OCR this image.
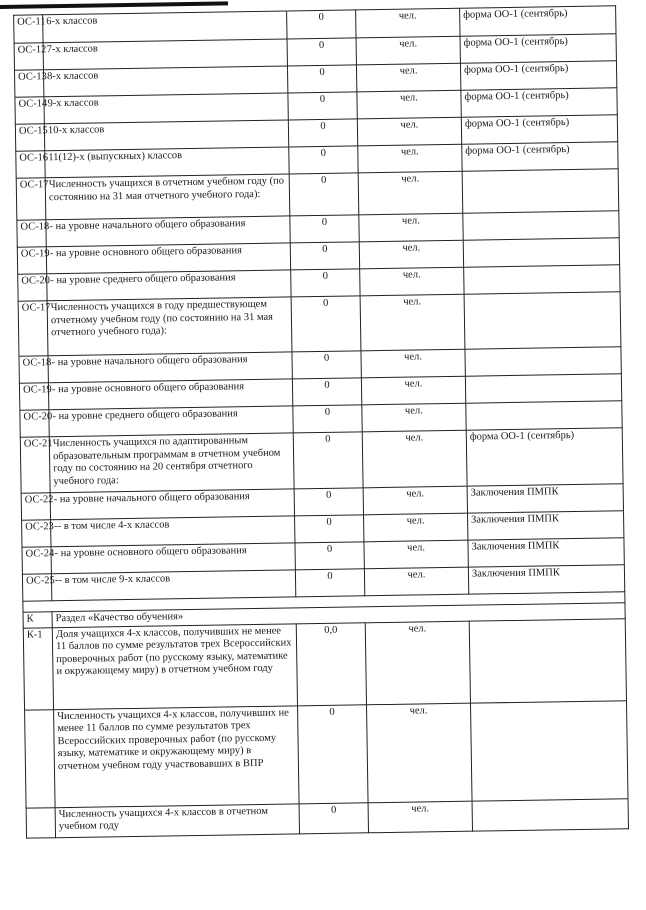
ОС-11	6-х классов	0	чел.	форма ОО-1 (сентябрь)
ОС-12	7-х классов	0	чел.	форма ОО-1 (сентябрь)
ОС-13	8-х классов	0	чел.	форма ОО-1 (сентябрь)
ОС-14	9-х классов	0	чел.	форма ОО-1 (сентябрь)
ОС-15	10-х классов	0	чел.	форма ОО-1 (сентябрь)
ОС-16	11(12)-х (выпускных) классов	0	чел.	форма ОО-1 (сентябрь)
ОС-17	Численность учащихся в отчетном учебном году (по состоянию на 31 мая отчетного учебного года):	0	чел.	
ОС-18	- на уровне начального общего образования	0	чел.	
ОС-19	- на уровне основного общего образования	0	чел.	
ОС-20	- на уровне среднего общего образования	0	чел.	
ОС-17	Численность учащихся в году предшествующем отчетному учебном году (по состоянию на 31 мая отчетного учебного года):	0	чел.	
ОС-18	- на уровне начального общего образования	0	чел.	
ОС-19	- на уровне основного общего образования	0	чел.	
ОС-20	- на уровне среднего общего образования	0	чел.	
ОС-21	Численность учащихся по адаптированным образовательным программам в отчетном учебном году по состоянию на 20 сентября отчетного учебного года:	0	чел.	форма ОО-1 (сентябрь)
ОС-22	- на уровне начального общего образования	0	чел.	Заключения ПМПК
ОС-23	-- в том числе 4-х классов	0	чел.	Заключения ПМПК
ОС-24	- на уровне основного общего образования	0	чел.	Заключения ПМПК
ОС-25	-- в том числе 9-х классов	0	чел.	Заключения ПМПК

К	Раздел «Качество обучения»			
К-1	Доля учащихся 4-х классов, получивших не менее 11 баллов по сумме результатов трех Всероссийских проверочных работ (по русскому языку, математике и окружающему миру) в отчетном учебном году	0,0	чел.	
	Численность учащихся 4-х классов, получивших не менее 11 баллов по сумме результатов трех Всероссийских проверочных работ (по русскому языку, математике и окружающему миру) в отчетном учебном году участвовавших в ВПР	0	чел.	
	Численность учащихся 4-х классов в отчетном учебном году	0	чел.	
